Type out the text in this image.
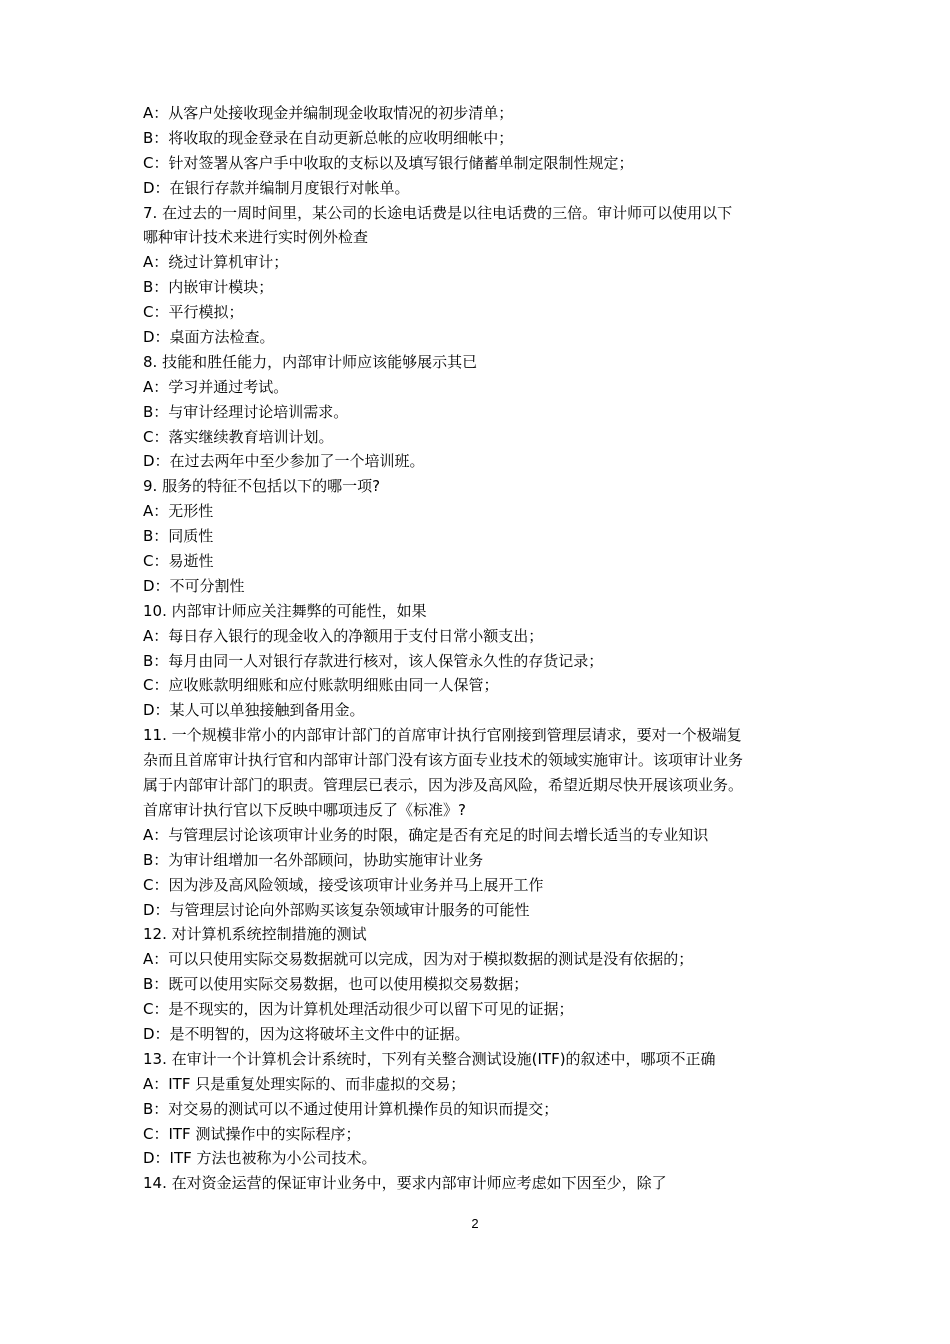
A：从客户处接收现金并编制现金收取情况的初步清单；
B：将收取的现金登录在自动更新总帐的应收明细帐中；
C：针对签署从客户手中收取的支标以及填写银行储蓄单制定限制性规定；
D：在银行存款并编制月度银行对帐单。
7. 在过去的一周时间里，某公司的长途电话费是以往电话费的三倍。审计师可以使用以下
哪种审计技术来进行实时例外检查
A：绕过计算机审计；
B：内嵌审计模块；
C：平行模拟；
D：桌面方法检查。
8. 技能和胜任能力，内部审计师应该能够展示其已
A：学习并通过考试。
B：与审计经理讨论培训需求。
C：落实继续教育培训计划。
D：在过去两年中至少参加了一个培训班。
9. 服务的特征不包括以下的哪一项?
A：无形性
B：同质性
C：易逝性
D：不可分割性
10. 内部审计师应关注舞弊的可能性，如果
A：每日存入银行的现金收入的净额用于支付日常小额支出；
B：每月由同一人对银行存款进行核对，该人保管永久性的存货记录；
C：应收账款明细账和应付账款明细账由同一人保管；
D：某人可以单独接触到备用金。
11. 一个规模非常小的内部审计部门的首席审计执行官刚接到管理层请求，要对一个极端复
杂而且首席审计执行官和内部审计部门没有该方面专业技术的领域实施审计。该项审计业务
属于内部审计部门的职责。管理层已表示，因为涉及高风险，希望近期尽快开展该项业务。
首席审计执行官以下反映中哪项违反了《标准》?
A：与管理层讨论该项审计业务的时限，确定是否有充足的时间去增长适当的专业知识
B：为审计组增加一名外部顾问，协助实施审计业务
C：因为涉及高风险领域，接受该项审计业务并马上展开工作
D：与管理层讨论向外部购买该复杂领域审计服务的可能性
12. 对计算机系统控制措施的测试
A：可以只使用实际交易数据就可以完成，因为对于模拟数据的测试是没有依据的；
B：既可以使用实际交易数据，也可以使用模拟交易数据；
C：是不现实的，因为计算机处理活动很少可以留下可见的证据；
D：是不明智的，因为这将破坏主文件中的证据。
13. 在审计一个计算机会计系统时，下列有关整合测试设施(ITF)的叙述中，哪项不正确
A：ITF 只是重复处理实际的、而非虚拟的交易；
B：对交易的测试可以不通过使用计算机操作员的知识而提交；
C：ITF 测试操作中的实际程序；
D：ITF 方法也被称为小公司技术。
14. 在对资金运营的保证审计业务中，要求内部审计师应考虑如下因至少，除了
2
